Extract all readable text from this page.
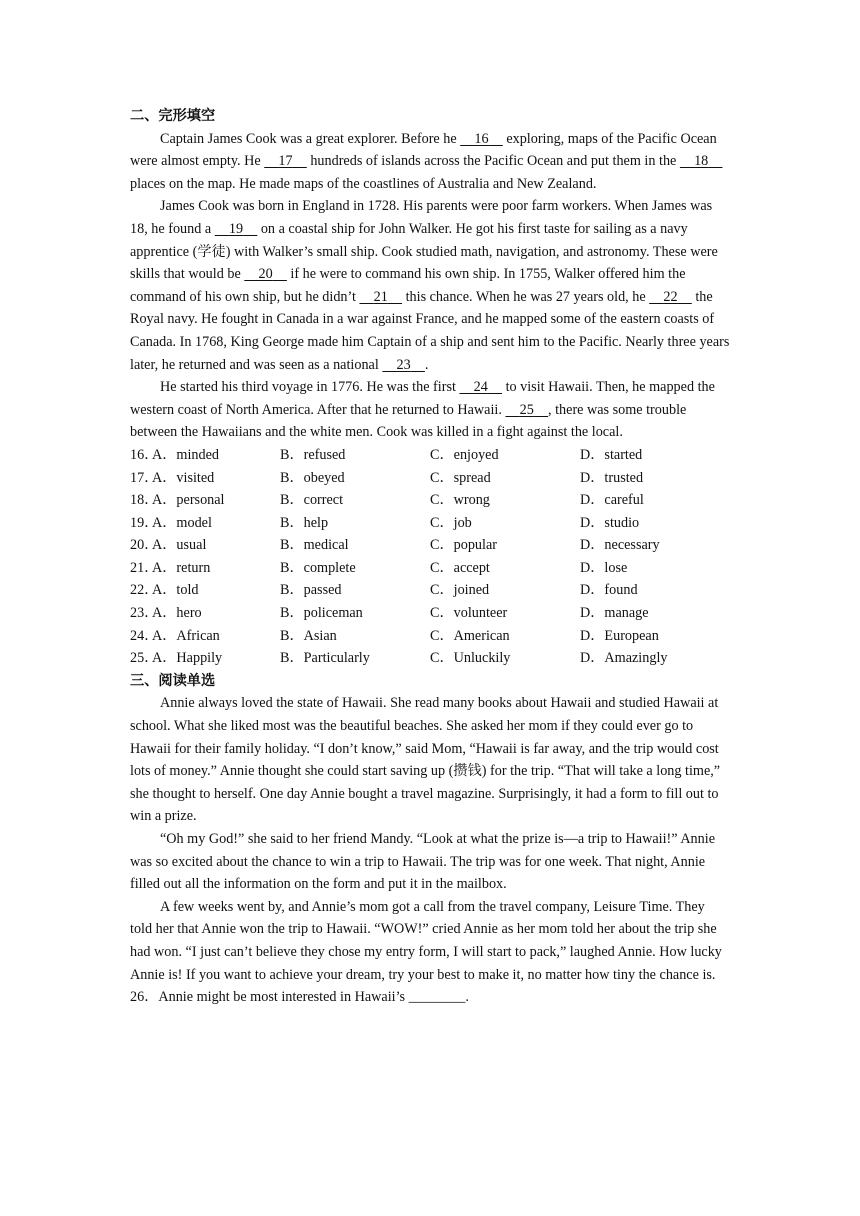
二、完形填空

Captain James Cook was a great explorer. Before he 16 exploring, maps of the Pacific Ocean were almost empty. He 17 hundreds of islands across the Pacific Ocean and put them in the 18 places on the map. He made maps of the coastlines of Australia and New Zealand.

James Cook was born in England in 1728. His parents were poor farm workers. When James was 18, he found a 19 on a coastal ship for John Walker. He got his first taste for sailing as a navy apprentice (学徒) with Walker’s small ship. Cook studied math, navigation, and astronomy. These were skills that would be 20 if he were to command his own ship. In 1755, Walker offered him the command of his own ship, but he didn’t 21 this chance. When he was 27 years old, he 22 the Royal navy. He fought in Canada in a war against France, and he mapped some of the eastern coasts of Canada. In 1768, King George made him Captain of a ship and sent him to the Pacific. Nearly three years later, he returned and was seen as a national 23 .

He started his third voyage in 1776. He was the first 24 to visit Hawaii. Then, he mapped the western coast of North America. After that he returned to Hawaii. 25 , there was some trouble between the Hawaiians and the white men. Cook was killed in a fight against the local.

16．
A．minded	B．refused	C．enjoyed	D．started
17．
A．visited	B．obeyed	C．spread	D．trusted
18．
A．personal	B．correct	C．wrong	D．careful
19．
A．model	B．help	C．job	D．studio
20．
A．usual	B．medical	C．popular	D．necessary
21．
A．return	B．complete	C．accept	D．lose
22．
A．told	B．passed	C．joined	D．found
23．
A．hero	B．policeman	C．volunteer	D．manage
24．
A．African	B．Asian	C．American	D．European
25．
A．Happily	B．Particularly	C．Unluckily	D．Amazingly
三、阅读单选

Annie always loved the state of Hawaii. She read many books about Hawaii and studied Hawaii at school. What she liked most was the beautiful beaches. She asked her mom if they could ever go to Hawaii for their family holiday. “I don’t know,” said Mom, “Hawaii is far away, and the trip would cost lots of money.” Annie thought she could start saving up (攒钱) for the trip. “That will take a long time,” she thought to herself. One day Annie bought a travel magazine. Surprisingly, it had a form to fill out to win a prize.

“Oh my God!” she said to her friend Mandy. “Look at what the prize is—a trip to Hawaii!” Annie was so excited about the chance to win a trip to Hawaii. The trip was for one week. That night, Annie filled out all the information on the form and put it in the mailbox.

A few weeks went by, and Annie’s mom got a call from the travel company, Leisure Time. They told her that Annie won the trip to Hawaii. “WOW!” cried Annie as her mom told her about the trip she had won. “I just can’t believe they chose my entry form, I will start to pack,” laughed Annie. How lucky Annie is! If you want to achieve your dream, try your best to make it, no matter how tiny the chance is.

26．Annie might be most interested in Hawaii’s ________.
